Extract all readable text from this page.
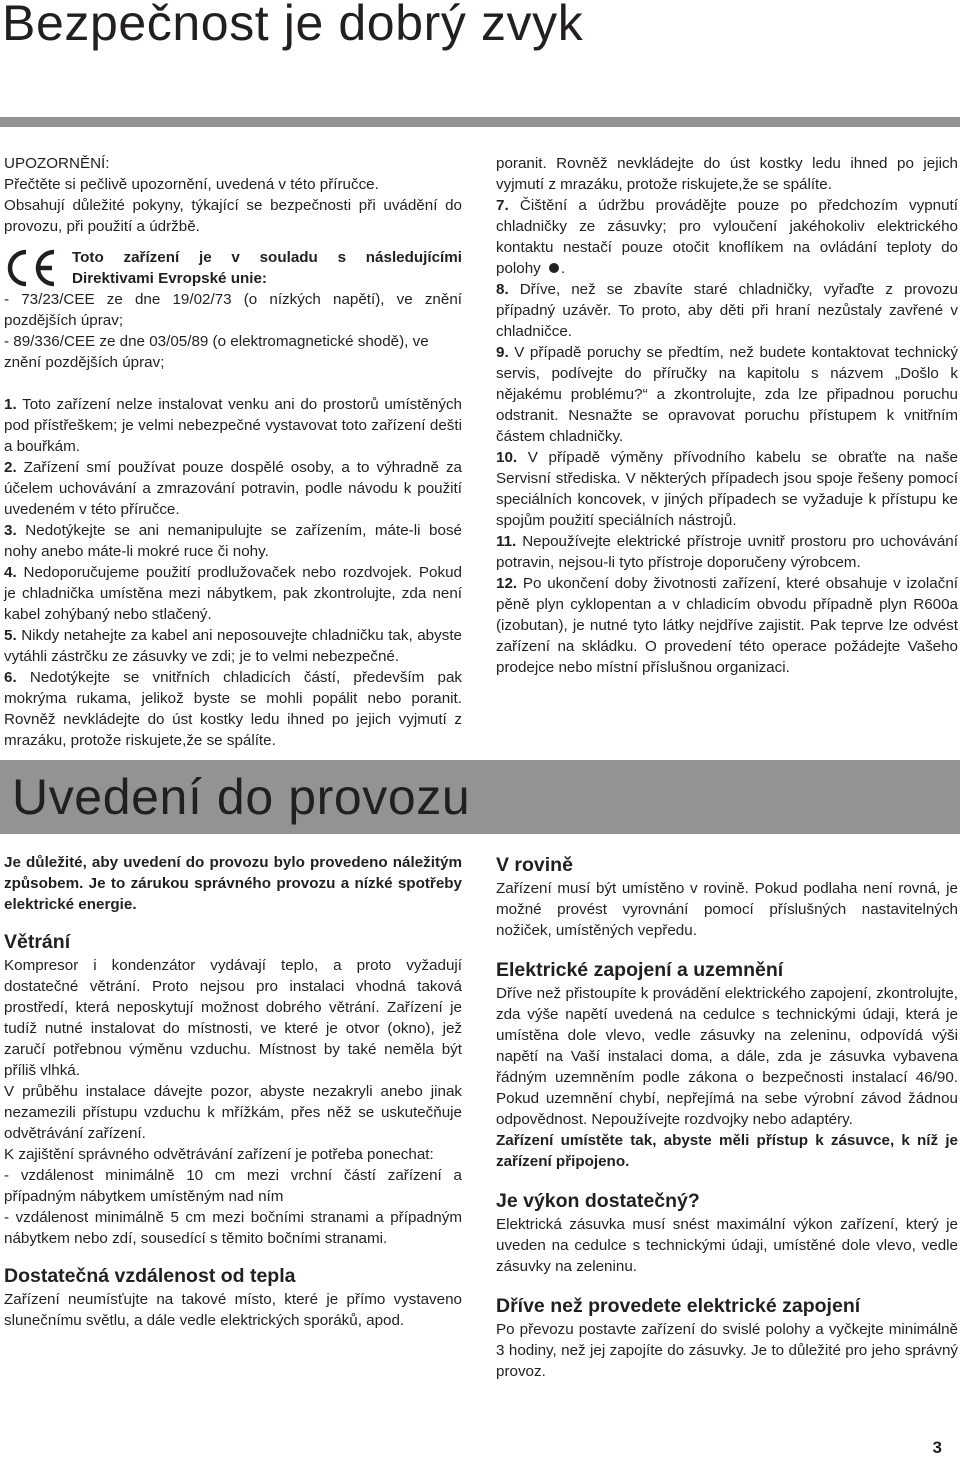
Bezpečnost je dobrý zvyk

UPOZORNĚNÍ:

Přečtěte si pečlivě upozornění, uvedená v této příručce.

Obsahují důležité pokyny, týkající se bezpečnosti při uvádění do provozu, při použití a údržbě.

Toto zařízení je v souladu s následujícími

Direktivami Evropské unie:

- 73/23/CEE ze dne 19/02/73 (o nízkých napětí), ve znění pozdějších úprav;

- 89/336/CEE ze dne 03/05/89 (o elektromagnetické shodě), ve znění pozdějších úprav;

1. Toto zařízení nelze instalovat venku ani do prostorů umístěných pod přístřeškem; je velmi nebezpečné vystavovat toto zařízení dešti a bouřkám.

2. Zařízení smí používat pouze dospělé osoby, a to výhradně za účelem uchovávání a zmrazování potravin, podle návodu k použití uvedeném v této příručce.

3. Nedotýkejte se ani nemanipulujte se zařízením, máte-li bosé nohy anebo máte-li mokré ruce či nohy.

4. Nedoporučujeme použití prodlužovaček nebo rozdvojek. Pokud je chladnička umístěna mezi nábytkem, pak zkontrolujte, zda není kabel zohýbaný nebo stlačený.

5. Nikdy netahejte za kabel ani neposouvejte chladničku tak, abyste vytáhli zástrčku ze zásuvky ve zdi; je to velmi nebezpečné.

6. Nedotýkejte se vnitřních chladicích částí, především pak mokrýma rukama, jelikož byste se mohli popálit nebo poranit. Rovněž nevkládejte do úst kostky ledu ihned po jejich vyjmutí z mrazáku, protože riskujete,že se spálíte.

poranit. Rovněž nevkládejte do úst kostky ledu ihned po jejich vyjmutí z mrazáku, protože riskujete,že se spálíte.

7. Čištění a údržbu provádějte pouze po předchozím vypnutí chladničky ze zásuvky; pro vyloučení jakéhokoliv elektrického kontaktu nestačí pouze otočit knoflíkem na ovládání teploty do polohy .

8. Dříve, než se zbavíte staré chladničky, vyřaďte z provozu případný uzávěr. To proto, aby děti při hraní nezůstaly zavřené v chladničce.

9. V případě poruchy se předtím, než budete kontaktovat technický servis, podívejte do příručky na kapitolu s názvem „Došlo k nějakému problému?“ a zkontrolujte, zda lze připadnou poruchu odstranit. Nesnažte se opravovat poruchu přístupem k vnitřním částem chladničky.

10. V případě výměny přívodního kabelu se obraťte na naše Servisní střediska. V některých případech jsou spoje řešeny pomocí speciálních koncovek, v jiných případech se vyžaduje k přístupu ke spojům použití speciálních nástrojů.

11. Nepoužívejte elektrické přístroje uvnitř prostoru pro uchovávání potravin, nejsou-li tyto přístroje doporučeny výrobcem.

12. Po ukončení doby životnosti zařízení, které obsahuje v izolační pěně plyn cyklopentan a v chladicím obvodu případně plyn R600a (izobutan), je nutné tyto látky nejdříve zajistit. Pak teprve lze odvést zařízení na skládku. O provedení této operace požádejte Vašeho prodejce nebo místní příslušnou organizaci.

Uvedení do provozu

Je důležité, aby uvedení do provozu bylo provedeno náležitým způsobem. Je to zárukou správného provozu a nízké spotřeby elektrické energie.

Větrání

Kompresor i kondenzátor vydávají teplo, a proto vyžadují dostatečné větrání. Proto nejsou pro instalaci vhodná taková prostředí, která neposkytují možnost dobrého větrání. Zařízení je tudíž nutné instalovat do místnosti, ve které je otvor (okno), jež zaručí potřebnou výměnu vzduchu. Místnost by také neměla být příliš vlhká.

V průběhu instalace dávejte pozor, abyste nezakryli anebo jinak nezamezili přístupu vzduchu k mřížkám, přes něž se uskutečňuje odvětrávání zařízení.

K zajištění správného odvětrávání zařízení je potřeba ponechat:

- vzdálenost minimálně 10 cm mezi vrchní částí zařízení a případným nábytkem umístěným nad ním

- vzdálenost minimálně 5 cm mezi bočními stranami a případným nábytkem nebo zdí, sousedící s těmito bočními stranami.

Dostatečná vzdálenost od tepla

Zařízení neumísťujte na takové místo, které je přímo vystaveno slunečnímu světlu, a dále vedle elektrických sporáků, apod.

V rovině

Zařízení musí být umístěno v rovině. Pokud podlaha není rovná, je možné provést vyrovnání pomocí příslušných nastavitelných nožiček, umístěných vepředu.

Elektrické zapojení a uzemnění

Dříve než přistoupíte k provádění elektrického zapojení, zkontrolujte, zda výše napětí uvedená na cedulce s technickými údaji, která je umístěna dole vlevo, vedle zásuvky na zeleninu, odpovídá výši napětí na Vaší instalaci doma, a dále, zda je zásuvka vybavena řádným uzemněním podle zákona o bezpečnosti instalací 46/90. Pokud uzemnění chybí, nepřejímá na sebe výrobní závod žádnou odpovědnost. Nepoužívejte rozdvojky nebo adaptéry.

Zařízení umístěte tak, abyste měli přístup k zásuvce, k níž je zařízení připojeno.

Je výkon dostatečný?

Elektrická zásuvka musí snést maximální výkon zařízení, který je uveden na cedulce s technickými údaji, umístěné dole vlevo, vedle zásuvky na zeleninu.

Dříve než provedete elektrické zapojení

Po převozu postavte zařízení do svislé polohy a vyčkejte minimálně 3 hodiny, než jej zapojíte do zásuvky. Je to důležité pro jeho správný provoz.

3
